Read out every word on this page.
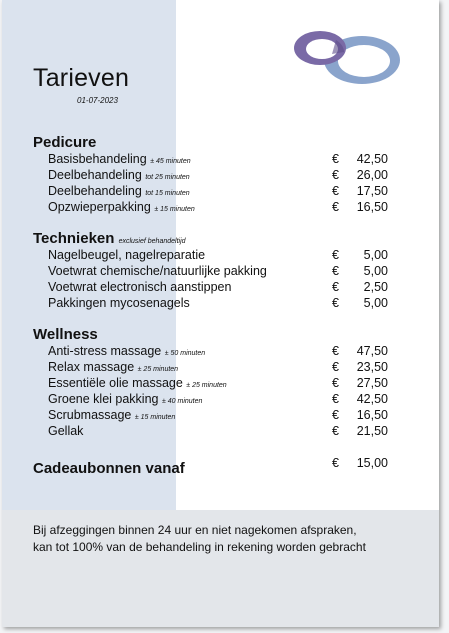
Tarieven
01-07-2023
Pedicure
Basisbehandeling ± 45 minuten	€	42,50
Deelbehandeling tot 25 minuten	€	26,00
Deelbehandeling tot 15 minuten	€	17,50
Opzwieperpakking ± 15 minuten	€	16,50
Technieken exclusief behandeltijd
Nagelbeugel, nagelreparatie	€	5,00
Voetwrat chemische/natuurlijke pakking	€	5,00
Voetwrat electronisch aanstippen	€	2,50
Pakkingen mycosenagels	€	5,00
Wellness
Anti-stress massage ± 50 minuten	€	47,50
Relax massage ± 25 minuten	€	23,50
Essentiële olie massage ± 25 minuten	€	27,50
Groene klei pakking ± 40 minuten	€	42,50
Scrubmassage ± 15 minuten	€	16,50
Gellak	€	21,50
Cadeaubonnen vanaf	€	15,00
Bij afzeggingen binnen 24 uur en niet nagekomen afspraken,
kan tot 100% van de behandeling in rekening worden gebracht
